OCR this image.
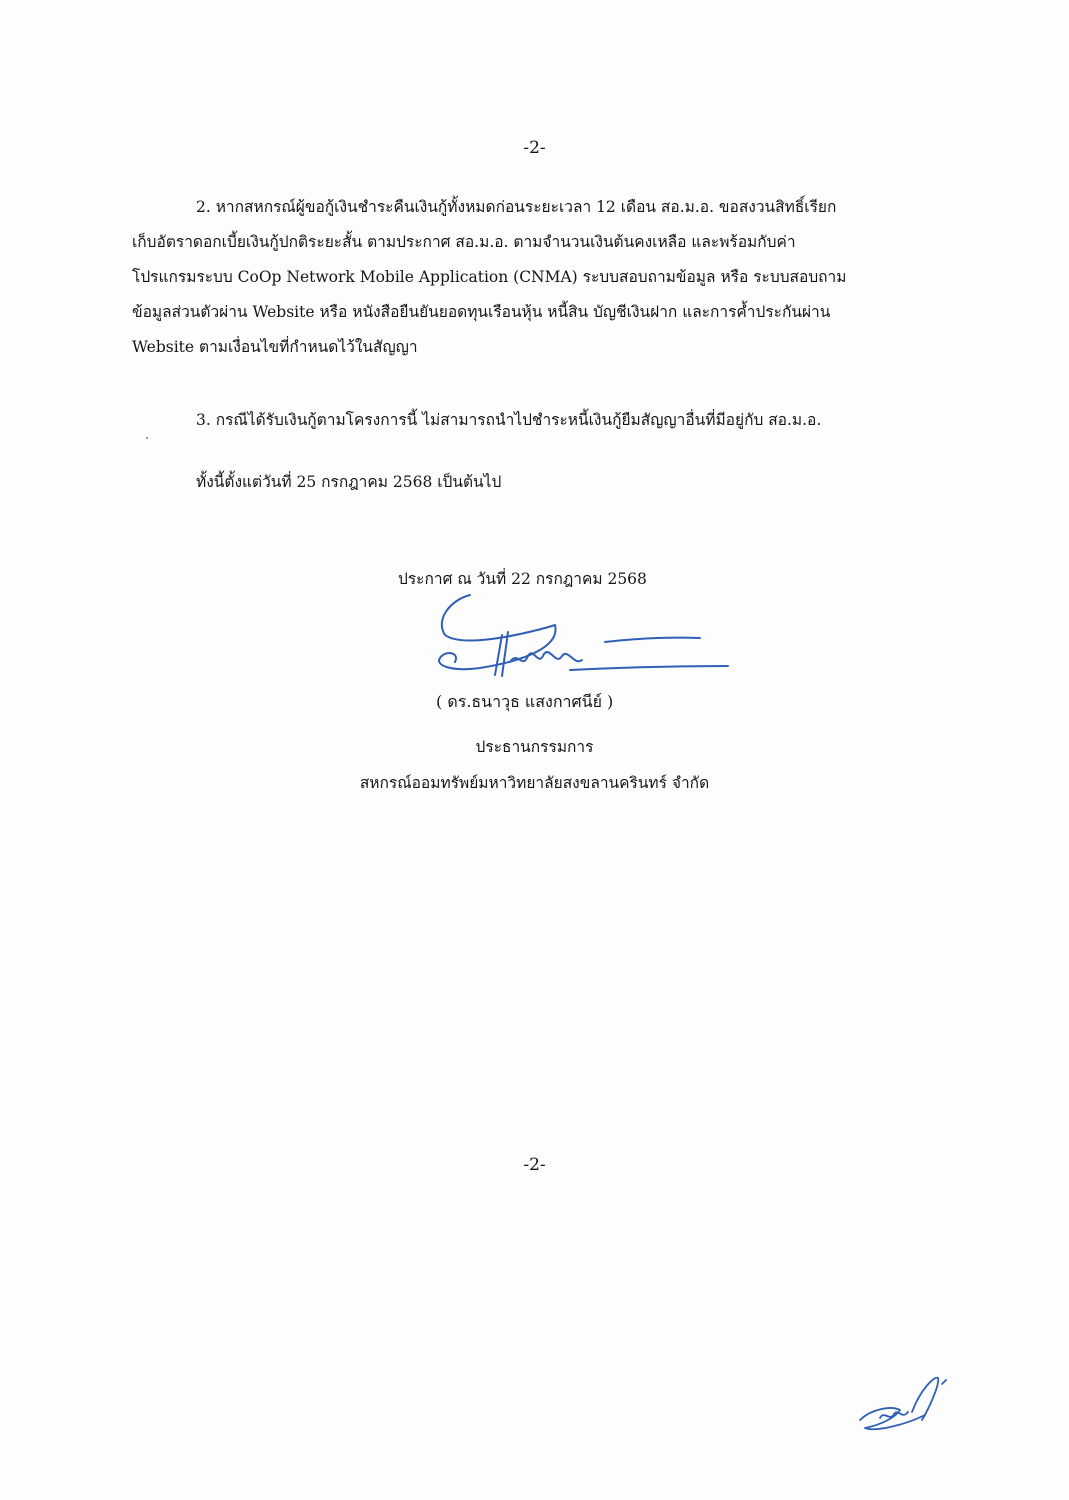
-2-
2. หากสหกรณ์ผู้ขอกู้เงินชำระคืนเงินกู้ทั้งหมดก่อนระยะเวลา 12 เดือน สอ.ม.อ. ขอสงวนสิทธิ์เรียก
เก็บอัตราดอกเบี้ยเงินกู้ปกติระยะสั้น ตามประกาศ สอ.ม.อ. ตามจำนวนเงินต้นคงเหลือ และพร้อมกับค่า
โปรแกรมระบบ CoOp Network Mobile Application (CNMA) ระบบสอบถามข้อมูล หรือ ระบบสอบถาม
ข้อมูลส่วนตัวผ่าน Website หรือ หนังสือยืนยันยอดทุนเรือนหุ้น หนี้สิน บัญชีเงินฝาก และการค้ำประกันผ่าน
Website ตามเงื่อนไขที่กำหนดไว้ในสัญญา
3. กรณีได้รับเงินกู้ตามโครงการนี้ ไม่สามารถนำไปชำระหนี้เงินกู้ยืมสัญญาอื่นที่มีอยู่กับ สอ.ม.อ.
ทั้งนี้ตั้งแต่วันที่ 25 กรกฎาคม 2568 เป็นต้นไป
ประกาศ ณ วันที่ 22 กรกฎาคม 2568
( ดร.ธนาวุธ แสงกาศนีย์ )
ประธานกรรมการ
สหกรณ์ออมทรัพย์มหาวิทยาลัยสงขลานครินทร์ จำกัด
-2-
